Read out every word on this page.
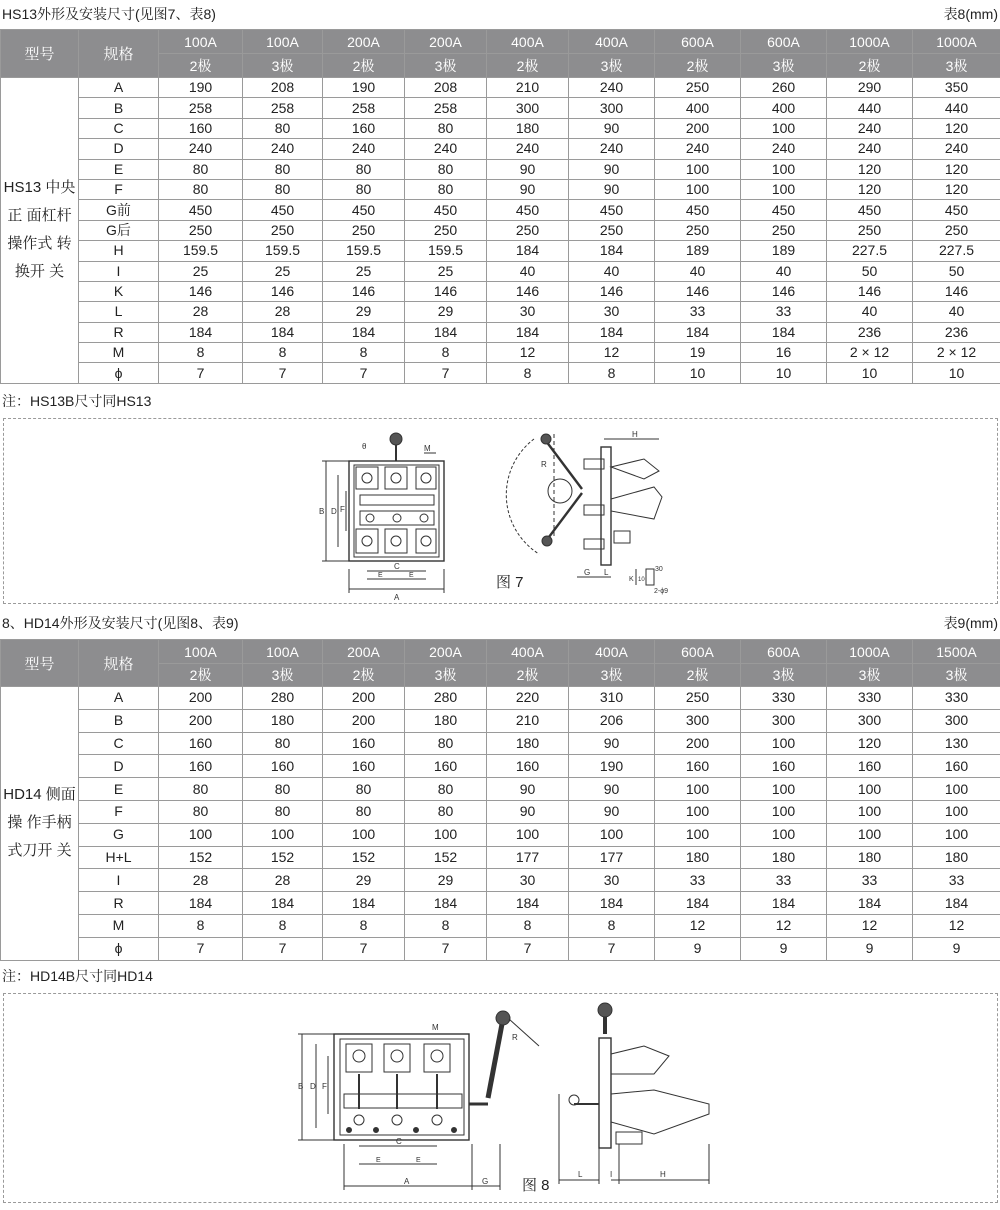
HS13外形及安装尺寸(见图7、表8)	表8(mm)
型号	规格	100A	100A	200A	200A	400A	400A	600A	600A	1000A	1000A
		2极	3极	2极	3极	2极	3极	2极	3极	2极	3极
HS13 中央正 面杠杆 操作式 转换开 关	A	190	208	190	208	210	240	250	260	290	350
	B	258	258	258	258	300	300	400	400	440	440
	C	160	80	160	80	180	90	200	100	240	120
	D	240	240	240	240	240	240	240	240	240	240
	E	80	80	80	80	90	90	100	100	120	120
	F	80	80	80	80	90	90	100	100	120	120
	G前	450	450	450	450	450	450	450	450	450	450
	G后	250	250	250	250	250	250	250	250	250	250
	H	159.5	159.5	159.5	159.5	184	184	189	189	227.5	227.5
	I	25	25	25	25	40	40	40	40	50	50
	K	146	146	146	146	146	146	146	146	146	146
	L	28	28	29	29	30	30	33	33	40	40
	R	184	184	184	184	184	184	184	184	236	236
	M	8	8	8	8	12	12	19	16	2 × 12	2 × 12
	ϕ	7	7	7	7	8	8	10	10	10	10
注：HS13B尺寸同HS13
B D F
A
C
E	E
M
θ
H
R
G L	30
K 10
2-ϕ9
图 7
8、HD14外形及安装尺寸(见图8、表9)	表9(mm)
型号	规格	100A	100A	200A	200A	400A	400A	600A	600A	1000A	1500A
		2极	3极	2极	3极	2极	3极	2极	3极	3极	3极
HD14 侧面操 作手柄 式刀开 关	A	200	280	200	280	220	310	250	330	330	330
	B	200	180	200	180	210	206	300	300	300	300
	C	160	80	160	80	180	90	200	100	120	130
	D	160	160	160	160	160	190	160	160	160	160
	E	80	80	80	80	90	90	100	100	100	100
	F	80	80	80	80	90	90	100	100	100	100
	G	100	100	100	100	100	100	100	100	100	100
	H+L	152	152	152	152	177	177	180	180	180	180
	I	28	28	29	29	30	30	33	33	33	33
	R	184	184	184	184	184	184	184	184	184	184
	M	8	8	8	8	8	8	12	12	12	12
	ϕ	7	7	7	7	7	7	9	9	9	9
注：HD14B尺寸同HD14
B D F
A
C
E	E
G
M
R
L	I	H
图 8
